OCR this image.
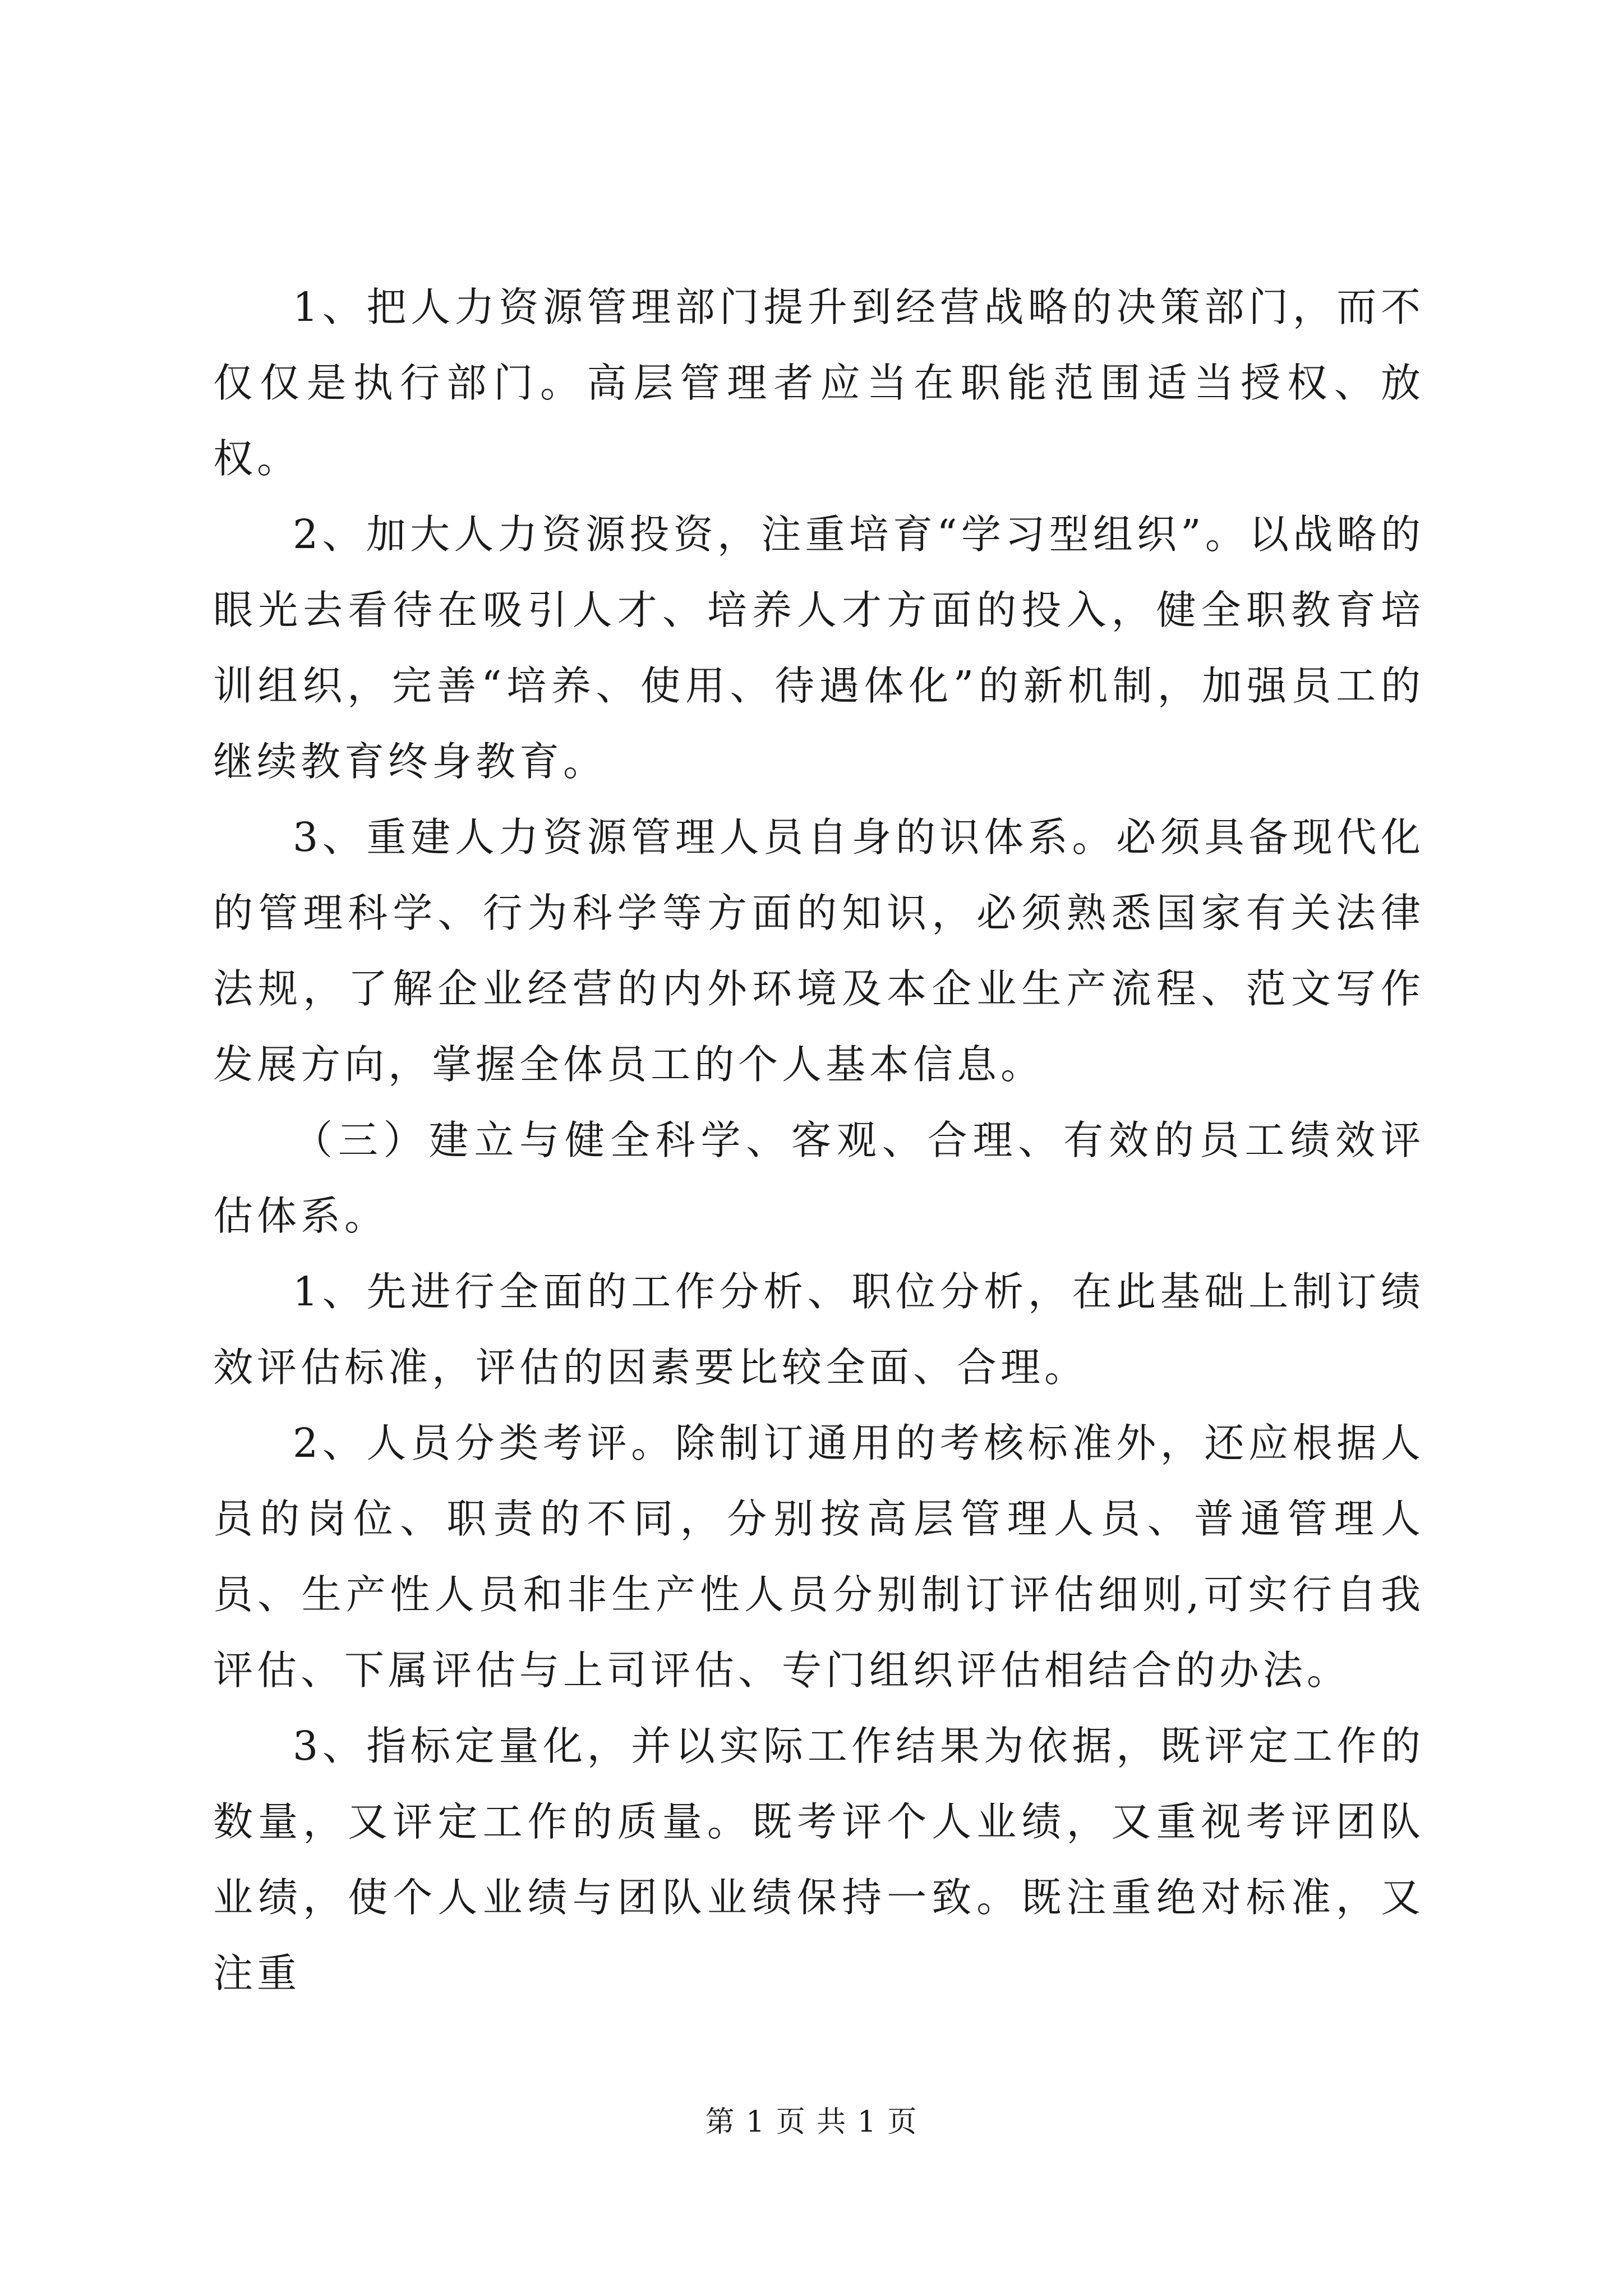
1、把人力资源管理部门提升到经营战略的决策部门，而不仅仅是执行部门。高层管理者应当在职能范围适当授权、放权。

2、加大人力资源投资，注重培育“学习型组织”。以战略的眼光去看待在吸引人才、培养人才方面的投入，健全职教育培训组织，完善“培养、使用、待遇体化”的新机制，加强员工的继续教育终身教育。

3、重建人力资源管理人员自身的识体系。必须具备现代化的管理科学、行为科学等方面的知识，必须熟悉国家有关法律法规，了解企业经营的内外环境及本企业生产流程、范文写作发展方向，掌握全体员工的个人基本信息。

（三）建立与健全科学、客观、合理、有效的员工绩效评估体系。

1、先进行全面的工作分析、职位分析，在此基础上制订绩效评估标准，评估的因素要比较全面、合理。

2、人员分类考评。除制订通用的考核标准外，还应根据人员的岗位、职责的不同，分别按高层管理人员、普通管理人员、生产性人员和非生产性人员分别制订评估细则,可实行自我评估、下属评估与上司评估、专门组织评估相结合的办法。

3、指标定量化，并以实际工作结果为依据，既评定工作的数量，又评定工作的质量。既考评个人业绩，又重视考评团队业绩，使个人业绩与团队业绩保持一致。既注重绝对标准，又注重

第 1 页 共 1 页
